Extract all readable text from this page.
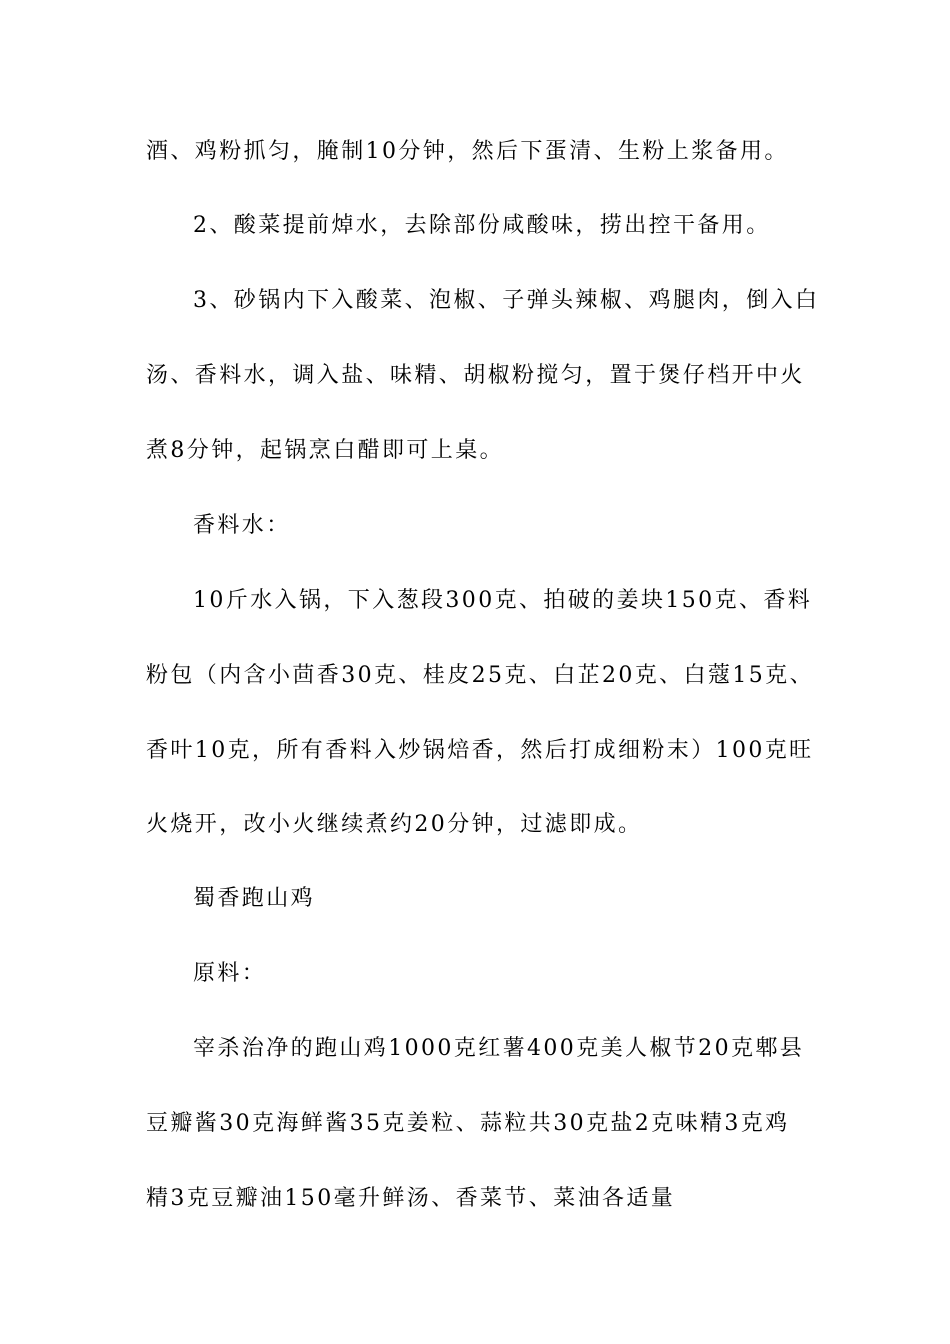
酒、鸡粉抓匀，腌制10分钟，然后下蛋清、生粉上浆备用。
2、酸菜提前焯水，去除部份咸酸味，捞出控干备用。
3、砂锅内下入酸菜、泡椒、子弹头辣椒、鸡腿肉，倒入白
汤、香料水，调入盐、味精、胡椒粉搅匀，置于煲仔档开中火
煮8分钟，起锅烹白醋即可上桌。
香料水：
10斤水入锅，下入葱段300克、拍破的姜块150克、香料
粉包（内含小茴香30克、桂皮25克、白芷20克、白蔻15克、
香叶10克，所有香料入炒锅焙香，然后打成细粉末）100克旺
火烧开，改小火继续煮约20分钟，过滤即成。
蜀香跑山鸡
原料：
宰杀治净的跑山鸡1000克红薯400克美人椒节20克郫县
豆瓣酱30克海鲜酱35克姜粒、蒜粒共30克盐2克味精3克鸡
精3克豆瓣油150毫升鲜汤、香菜节、菜油各适量
